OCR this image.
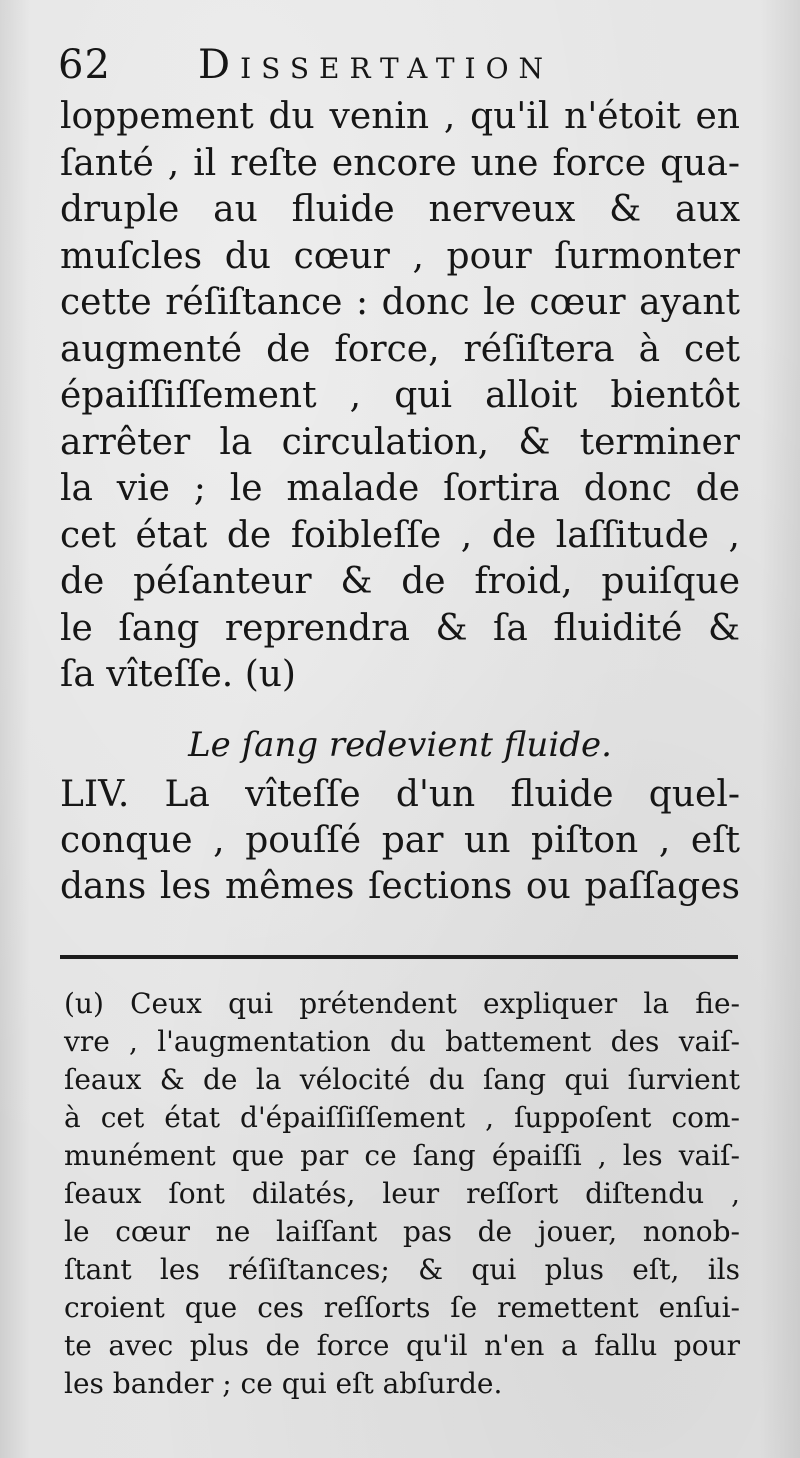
62 Dissertation
loppement du venin , qu'il n'étoit en
ſanté , il reſte encore une force qua-
druple au fluide nerveux & aux
muſcles du cœur , pour ſurmonter
cette réſiſtance : donc le cœur ayant
augmenté de force, réſiſtera à cet
épaiſſiſſement , qui alloit bientôt
arrêter la circulation, & terminer
la vie ; le malade ſortira donc de
cet état de foibleſſe , de laſſitude ,
de péſanteur & de froid, puiſque
le ſang reprendra & ſa fluidité &
ſa vîteſſe. (u)
Le ſang redevient fluide.
LIV. La vîteſſe d'un fluide quel-
conque , pouſſé par un piſton , eſt
dans les mêmes ſections ou paſſages
(u) Ceux qui prétendent expliquer la fie-
vre , l'augmentation du battement des vaiſ-
ſeaux & de la vélocité du ſang qui ſurvient
à cet état d'épaiſſiſſement , ſuppoſent com-
munément que par ce ſang épaiſſi , les vaiſ-
ſeaux ſont dilatés, leur reſſort diſtendu ,
le cœur ne laiſſant pas de jouer, nonob-
ſtant les réſiſtances; & qui plus eſt, ils
croient que ces reſſorts ſe remettent enſui-
te avec plus de force qu'il n'en a fallu pour
les bander ; ce qui eſt abſurde.
